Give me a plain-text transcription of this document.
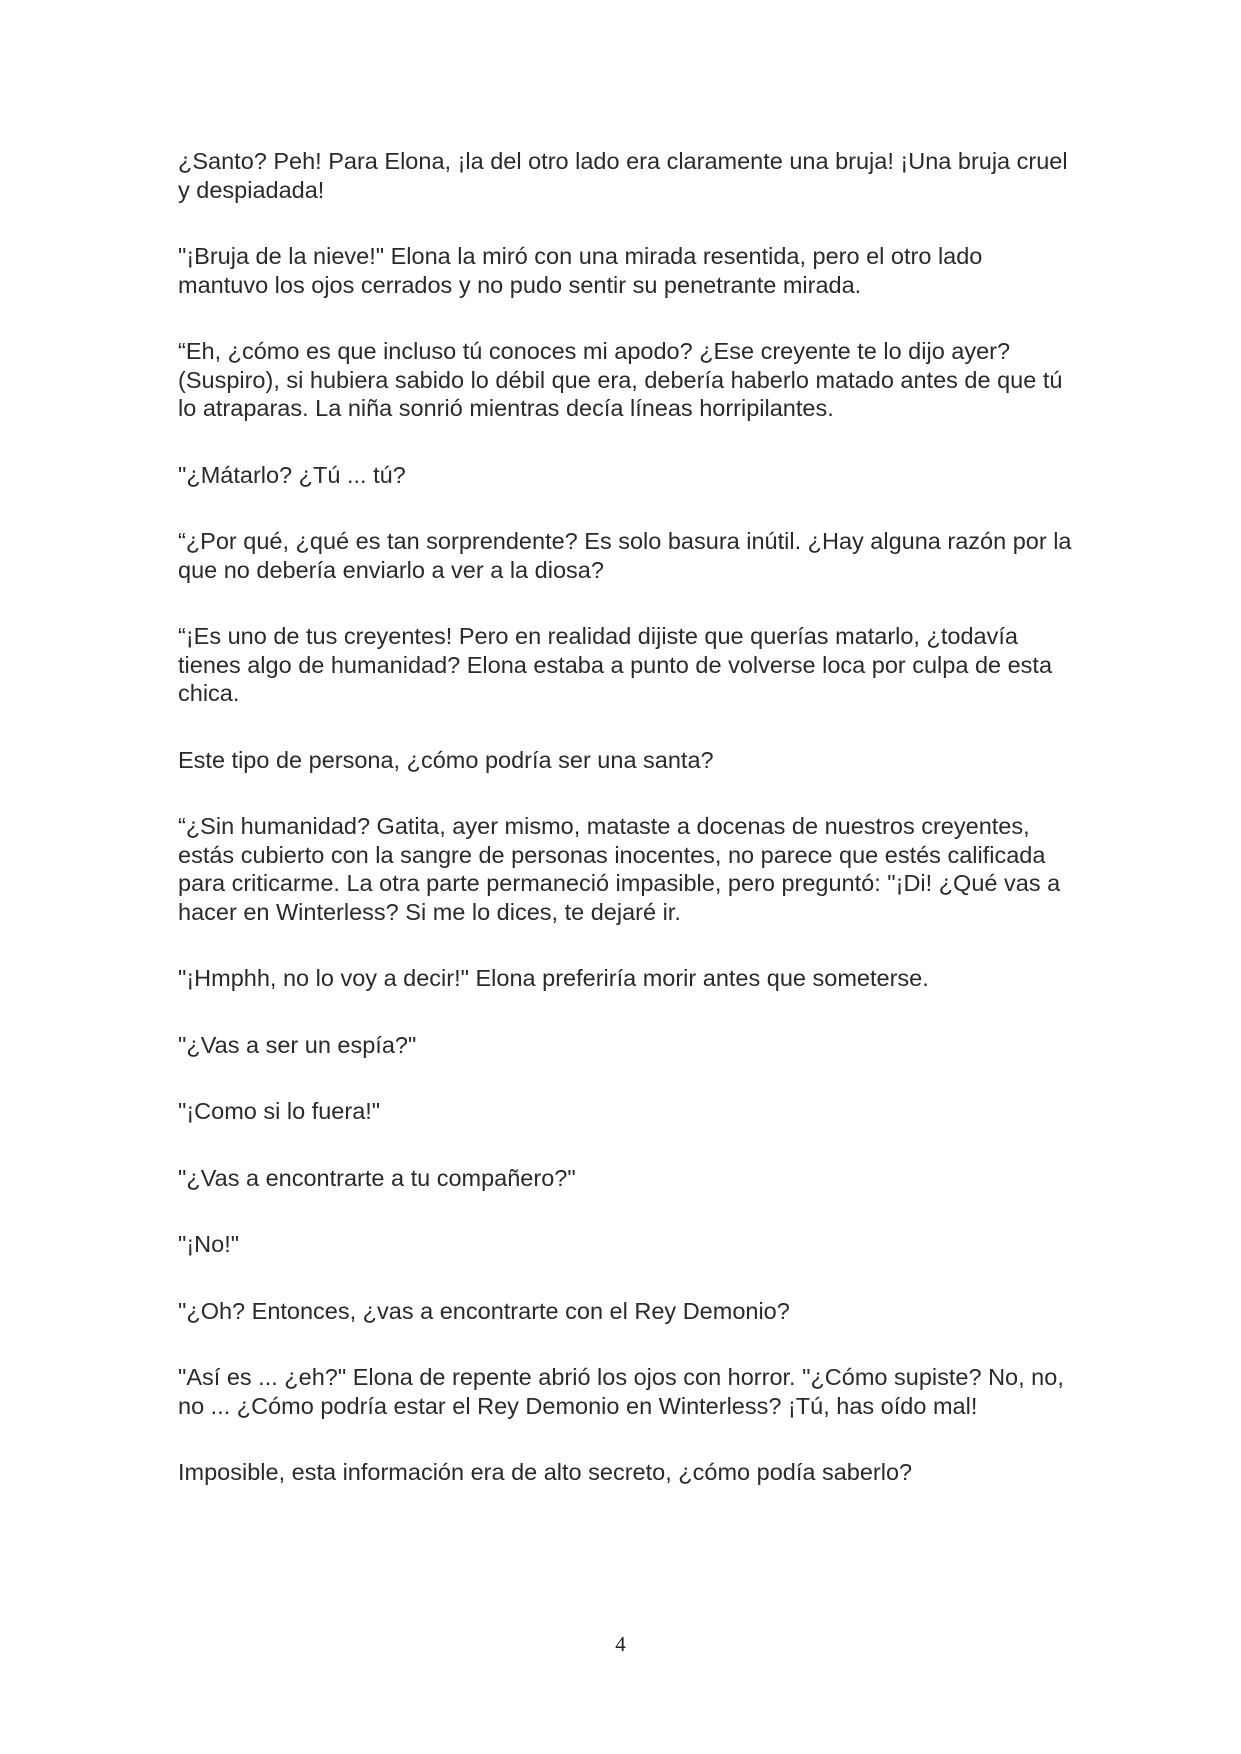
¿Santo? Peh! Para Elona, ¡la del otro lado era claramente una bruja! ¡Una bruja cruel y despiadada!

"¡Bruja de la nieve!" Elona la miró con una mirada resentida, pero el otro lado mantuvo los ojos cerrados y no pudo sentir su penetrante mirada.

“Eh, ¿cómo es que incluso tú conoces mi apodo? ¿Ese creyente te lo dijo ayer? (Suspiro), si hubiera sabido lo débil que era, debería haberlo matado antes de que tú lo atraparas. La niña sonrió mientras decía líneas horripilantes.

"¿Mátarlo? ¿Tú ... tú?

“¿Por qué, ¿qué es tan sorprendente? Es solo basura inútil. ¿Hay alguna razón por la que no debería enviarlo a ver a la diosa?

“¡Es uno de tus creyentes! Pero en realidad dijiste que querías matarlo, ¿todavía tienes algo de humanidad? Elona estaba a punto de volverse loca por culpa de esta chica.

Este tipo de persona, ¿cómo podría ser una santa?

“¿Sin humanidad? Gatita, ayer mismo, mataste a docenas de nuestros creyentes, estás cubierto con la sangre de personas inocentes, no parece que estés calificada para criticarme. La otra parte permaneció impasible, pero preguntó: "¡Di! ¿Qué vas a hacer en Winterless? Si me lo dices, te dejaré ir.

"¡Hmphh, no lo voy a decir!" Elona preferiría morir antes que someterse.

"¿Vas a ser un espía?"

"¡Como si lo fuera!"

"¿Vas a encontrarte a tu compañero?"

"¡No!"

"¿Oh? Entonces, ¿vas a encontrarte con el Rey Demonio?

"Así es ... ¿eh?" Elona de repente abrió los ojos con horror. "¿Cómo supiste? No, no, no ... ¿Cómo podría estar el Rey Demonio en Winterless? ¡Tú, has oído mal!

Imposible, esta información era de alto secreto, ¿cómo podía saberlo?

4
